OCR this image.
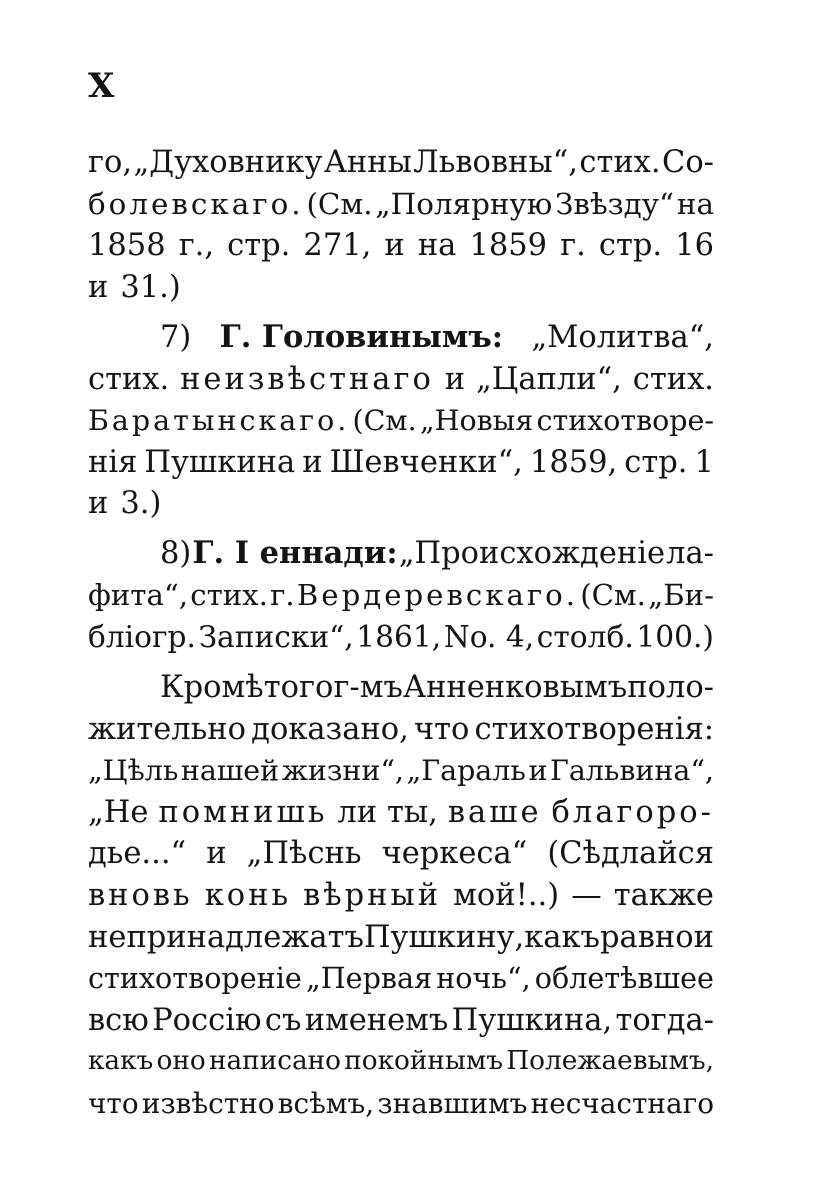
X
го, „Духовнику Анны Львовны“, стих. Со-
болевскаго. (См. „Полярную Звѣзду“ на
1858 г., стр. 271, и на 1859 г. стр. 16
и 31.)
7) Г. Головинымъ: „Молитва“,
стих. неизвѣстнаго и „Цапли“, стих.
Баратынскаго. (См. „Новыя стихотворе-
нія Пушкина и Шевченки“, 1859, стр. 1
и 3.)
8) Г. I еннади: „Происхожденіе ла-
фита“, стих. г. Вердеревскаго. (См. „Би-
бліогр. Записки“, 1861, No. 4, столб. 100.)
Кромѣ того г-мъ Анненковымъ поло-
жительно доказано, что стихотворенія:
„Цѣль нашей жизни“, „Гараль и Гальвина“,
„Не помнишь ли ты, ваше благоро-
дье...“ и „Пѣснь черкеса“ (Сѣдлайся
вновь конь вѣрный мой!..) — также
не принадлежатъ Пушкину, какъ равно и
стихотвореніе „Первая ночь“, облетѣвшее
всю Россію съ именемъ Пушкина, тогда-
какъ оно написано покойнымъ Полежаевымъ,
что извѣстно всѣмъ, знавшимъ несчастнаго
